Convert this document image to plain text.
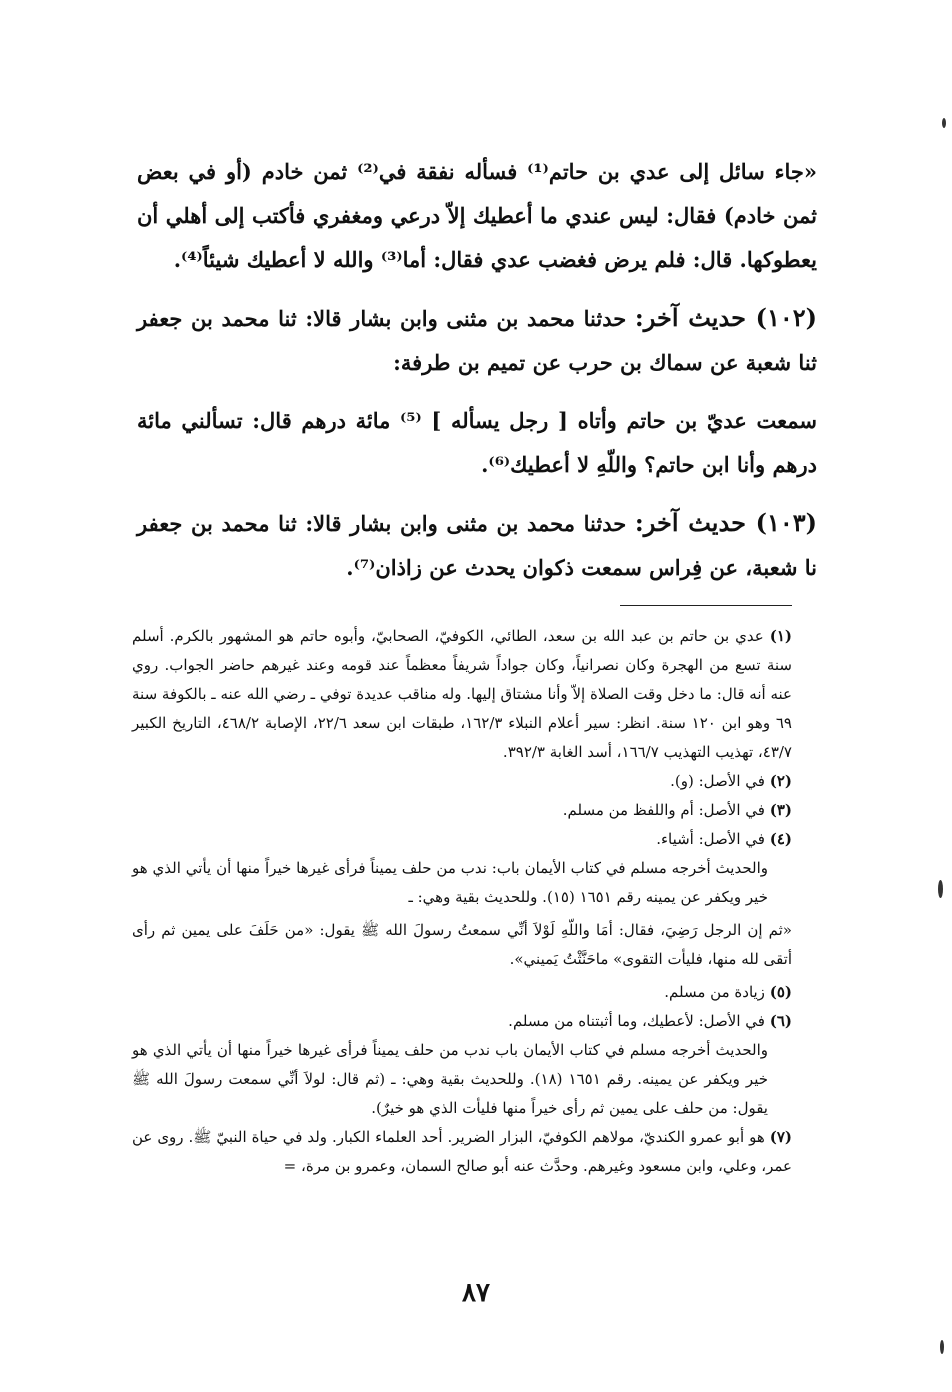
«جاء سائل إلى عدي بن حاتم⁽¹⁾ فسأله نفقة في⁽²⁾ ثمن خادم (أو في بعض ثمن خادم) فقال: ليس عندي ما أعطيك إلاّ درعي ومغفري فأكتب إلى أهلي أن يعطوكها. قال: فلم يرض فغضب عدي فقال: أما⁽³⁾ والله لا أعطيك شيئاً⁽⁴⁾.

(١٠٢) حديث آخر: حدثنا محمد بن مثنى وابن بشار قالا: ثنا محمد بن جعفر ثنا شعبة عن سماك بن حرب عن تميم بن طرفة:

سمعت عديّ بن حاتم وأتاه [ رجل يسأله ] ⁽⁵⁾ مائة درهم قال: تسألني مائة درهم وأنا ابن حاتم؟ واللّهِ لا أعطيك⁽⁶⁾.

(١٠٣) حديث آخر: حدثنا محمد بن مثنى وابن بشار قالا: ثنا محمد بن جعفر نا شعبة، عن فِراس سمعت ذكوان يحدث عن زاذان⁽⁷⁾.

(١) عدي بن حاتم بن عبد الله بن سعد، الطائي، الكوفيّ، الصحابيّ، وأبوه حاتم هو المشهور بالكرم. أسلم سنة تسع من الهجرة وكان نصرانياً، وكان جواداً شريفاً معظماً عند قومه وعند غيرهم حاضر الجواب. روي عنه أنه قال: ما دخل وقت الصلاة إلاّ وأنا مشتاق إليها. وله مناقب عديدة توفي ـ رضي الله عنه ـ بالكوفة سنة ٦٩ وهو ابن ١٢٠ سنة. انظر: سير أعلام النبلاء ١٦٢/٣، طبقات ابن سعد ٢٢/٦، الإصابة ٤٦٨/٢، التاريخ الكبير ٤٣/٧، تهذيب التهذيب ١٦٦/٧، أسد الغابة ٣٩٢/٣.

(٢) في الأصل: (و).

(٣) في الأصل: أم واللفظ من مسلم.

(٤) في الأصل: أشياء.

والحديث أخرجه مسلم في كتاب الأيمان باب: ندب من حلف يميناً فرأى غيرها خيراً منها أن يأتي الذي هو خير ويكفر عن يمينه رقم ١٦٥١ (١٥). وللحديث بقية وهي: ـ

«ثم إن الرجل رَضِيَ، فقال: أمَا واللّهِ لَوْلاَ أنِّي سمعتُ رسولَ الله ﷺ يقول: «من حَلَفَ على يمين ثم رأى أتقى لله منها، فليأت التقوى» ماحَنَّثْتُ يَميني».

(٥) زيادة من مسلم.

(٦) في الأصل: لأعطيك، وما أثبتناه من مسلم.

والحديث أخرجه مسلم في كتاب الأيمان باب ندب من حلف يميناً فرأى غيرها خيراً منها أن يأتي الذي هو خير ويكفر عن يمينه. رقم ١٦٥١ (١٨). وللحديث بقية وهي: ـ (ثم قال: لولاَ أنِّي سمعت رسولَ الله ﷺ يقول: من حلف على يمين ثم رأى خيراً منها فليأت الذي هو خيرٌ).

(٧) هو أبو عمرو الكنديّ، مولاهم الكوفيّ، البزار الضرير. أحد العلماء الكبار. ولد في حياة النبيّ ﷺ. روى عن عمر، وعلي، وابن مسعود وغيرهم. وحدَّث عنه أبو صالح السمان، وعمرو بن مرة، =

٨٧
